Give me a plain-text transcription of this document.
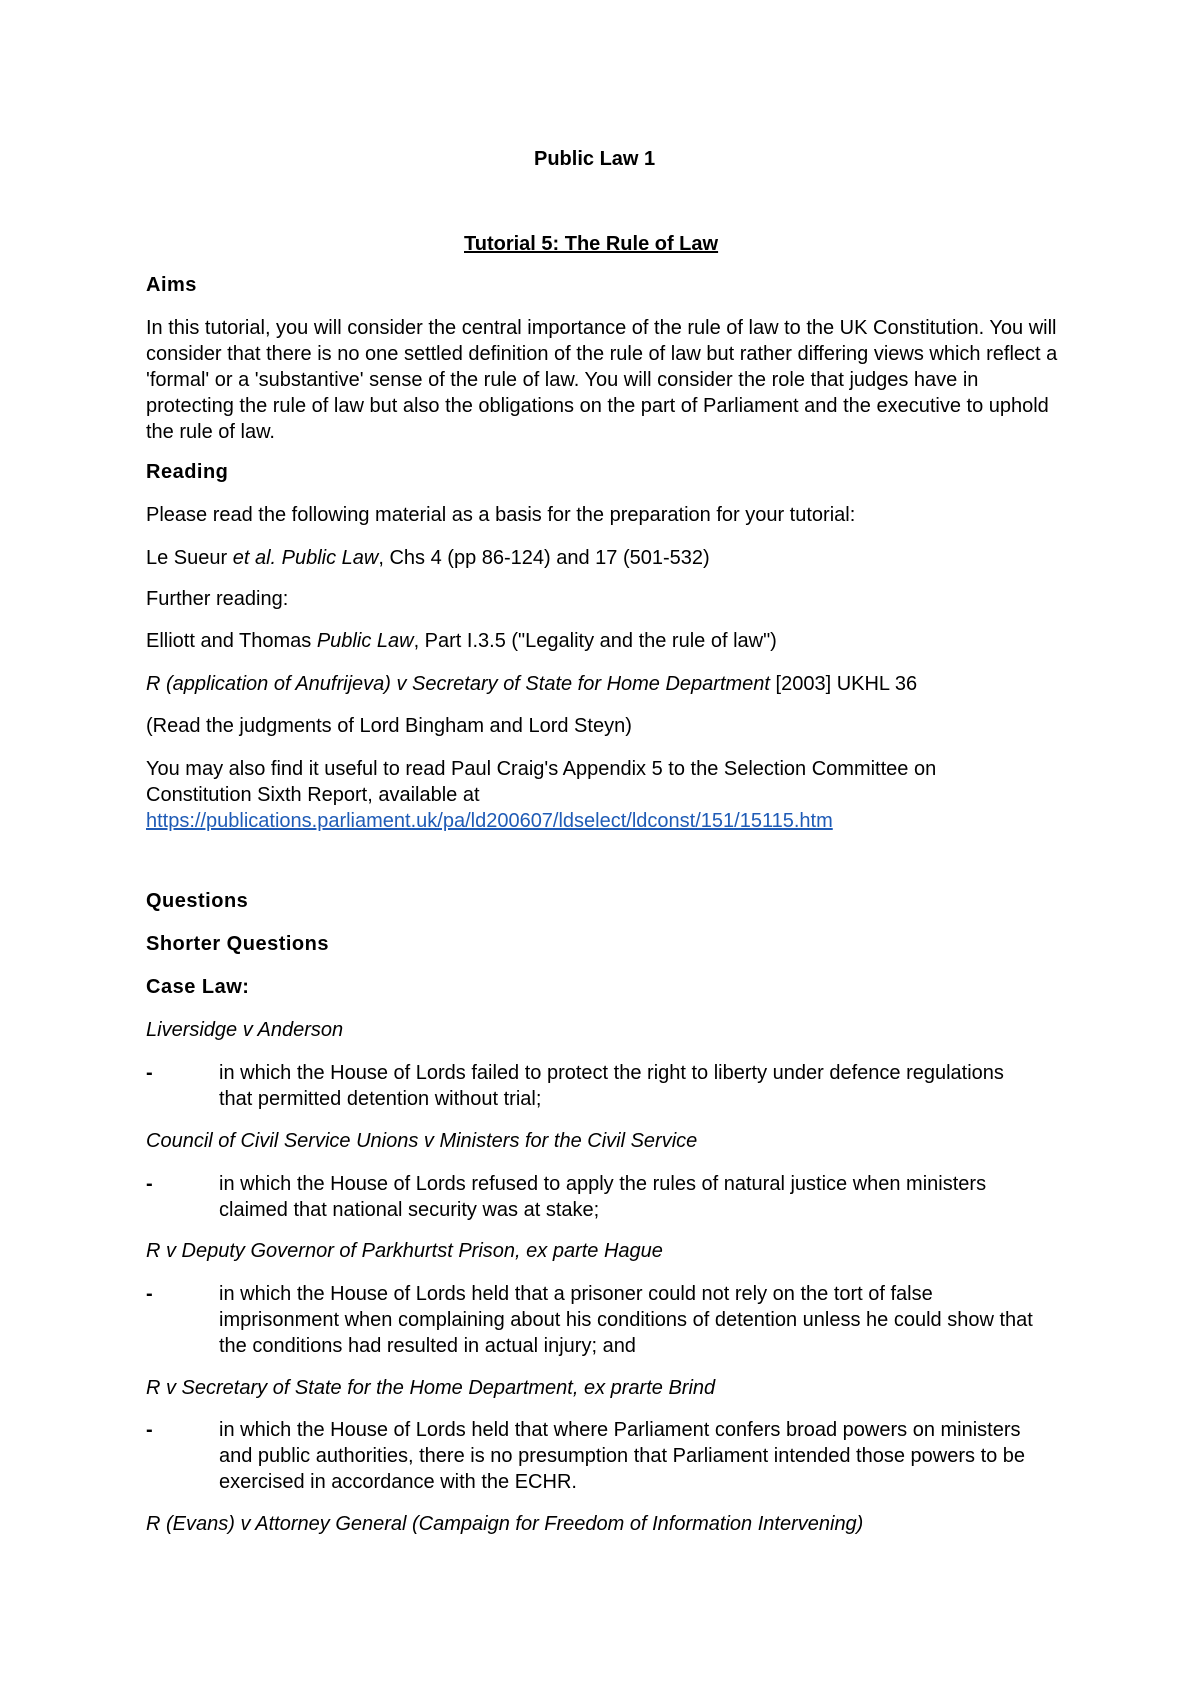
Public Law 1
Tutorial 5: The Rule of Law
Aims
In this tutorial, you will consider the central importance of the rule of law to the UK Constitution. You will consider that there is no one settled definition of the rule of law but rather differing views which reflect a 'formal' or a 'substantive' sense of the rule of law. You will consider the role that judges have in protecting the rule of law but also the obligations on the part of Parliament and the executive to uphold the rule of law.
Reading
Please read the following material as a basis for the preparation for your tutorial:
Le Sueur et al. Public Law, Chs 4 (pp 86-124) and 17 (501-532)
Further reading:
Elliott and Thomas Public Law, Part I.3.5 ("Legality and the rule of law")
R (application of Anufrijeva) v Secretary of State for Home Department [2003] UKHL 36
(Read the judgments of Lord Bingham and Lord Steyn)
You may also find it useful to read Paul Craig's Appendix 5 to the Selection Committee on Constitution Sixth Report, available at
https://publications.parliament.uk/pa/ld200607/ldselect/ldconst/151/15115.htm
Questions
Shorter Questions
Case Law:
Liversidge v Anderson
-	in which the House of Lords failed to protect the right to liberty under defence regulations that permitted detention without trial;
Council of Civil Service Unions v Ministers for the Civil Service
-	in which the House of Lords refused to apply the rules of natural justice when ministers claimed that national security was at stake;
R v Deputy Governor of Parkhurtst Prison, ex parte Hague
-	in which the House of Lords held that a prisoner could not rely on the tort of false imprisonment when complaining about his conditions of detention unless he could show that the conditions had resulted in actual injury; and
R v Secretary of State for the Home Department, ex prarte Brind
-	in which the House of Lords held that where Parliament confers broad powers on ministers and public authorities, there is no presumption that Parliament intended those powers to be exercised in accordance with the ECHR.
R (Evans) v Attorney General (Campaign for Freedom of Information Intervening)
